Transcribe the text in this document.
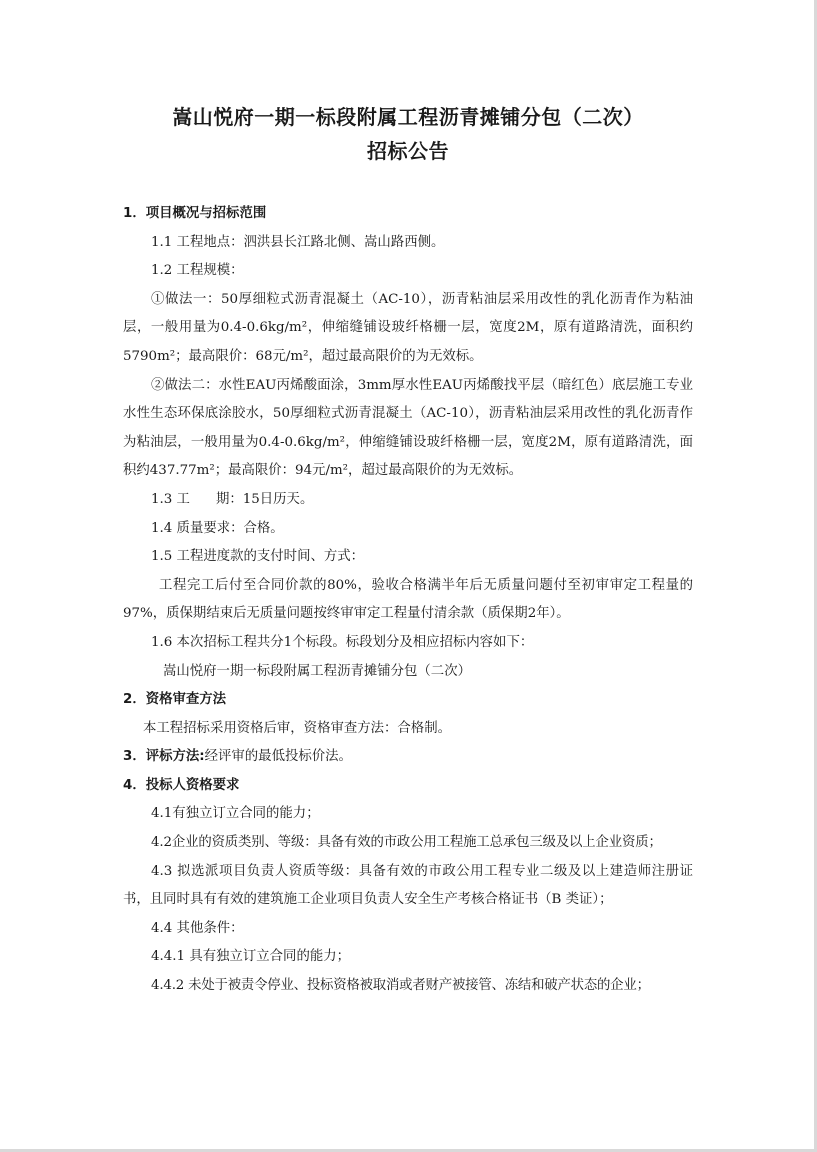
嵩山悦府一期一标段附属工程沥青摊铺分包（二次）
招标公告

1．项目概况与招标范围

1.1 工程地点：泗洪县长江路北侧、嵩山路西侧。

1.2 工程规模：

①做法一：50厚细粒式沥青混凝土（AC-10），沥青粘油层采用改性的乳化沥青作为粘油层，一般用量为0.4-0.6kg/m²，伸缩缝铺设玻纤格栅一层，宽度2M，原有道路清洗，面积约5790m²；最高限价：68元/m²，超过最高限价的为无效标。

②做法二：水性EAU丙烯酸面涂，3mm厚水性EAU丙烯酸找平层（暗红色）底层施工专业水性生态环保底涂胶水，50厚细粒式沥青混凝土（AC-10），沥青粘油层采用改性的乳化沥青作为粘油层，一般用量为0.4-0.6kg/m²，伸缩缝铺设玻纤格栅一层，宽度2M，原有道路清洗，面积约437.77m²；最高限价：94元/m²，超过最高限价的为无效标。

1.3 工 期：15日历天。

1.4 质量要求：合格。

1.5 工程进度款的支付时间、方式：

工程完工后付至合同价款的80%，验收合格满半年后无质量问题付至初审审定工程量的97%，质保期结束后无质量问题按终审审定工程量付清余款（质保期2年）。

1.6 本次招标工程共分1个标段。标段划分及相应招标内容如下：

嵩山悦府一期一标段附属工程沥青摊铺分包（二次）

2．资格审查方法

本工程招标采用资格后审，资格审查方法：合格制。

3．评标方法:经评审的最低投标价法。

4．投标人资格要求

4.1有独立订立合同的能力；

4.2企业的资质类别、等级：具备有效的市政公用工程施工总承包三级及以上企业资质；

4.3 拟选派项目负责人资质等级：具备有效的市政公用工程专业二级及以上建造师注册证书，且同时具有有效的建筑施工企业项目负责人安全生产考核合格证书（B 类证）；

4.4 其他条件：

4.4.1 具有独立订立合同的能力；

4.4.2 未处于被责令停业、投标资格被取消或者财产被接管、冻结和破产状态的企业；
